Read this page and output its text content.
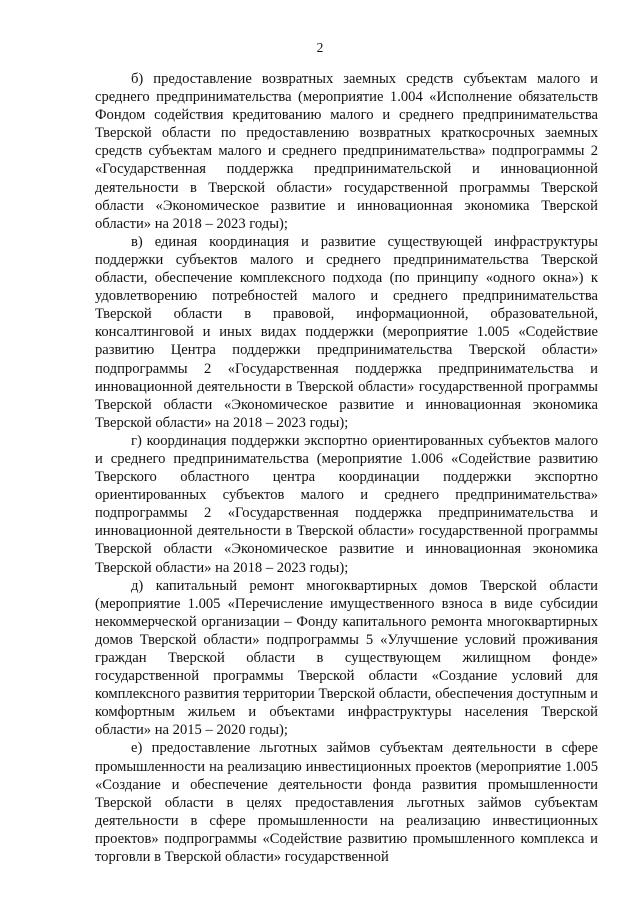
2

б) предоставление возвратных заемных средств субъектам малого и среднего предпринимательства (мероприятие 1.004 «Исполнение обязательств Фондом содействия кредитованию малого и среднего предпринимательства Тверской области по предоставлению возвратных краткосрочных заемных средств субъектам малого и среднего предпринимательства» подпрограммы 2 «Государственная поддержка предпринимательской и инновационной деятельности в Тверской области» государственной программы Тверской области «Экономическое развитие и инновационная экономика Тверской области» на 2018 – 2023 годы);

в) единая координация и развитие существующей инфраструктуры поддержки субъектов малого и среднего предпринимательства Тверской области, обеспечение комплексного подхода (по принципу «одного окна») к удовлетворению потребностей малого и среднего предпринимательства Тверской области в правовой, информационной, образовательной, консалтинговой и иных видах поддержки (мероприятие 1.005 «Содействие развитию Центра поддержки предпринимательства Тверской области» подпрограммы 2 «Государственная поддержка предпринимательства и инновационной деятельности в Тверской области» государственной программы Тверской области «Экономическое развитие и инновационная экономика Тверской области» на 2018 – 2023 годы);

г) координация поддержки экспортно ориентированных субъектов малого и среднего предпринимательства (мероприятие 1.006 «Содействие развитию Тверского областного центра координации поддержки экспортно ориентированных субъектов малого и среднего предпринимательства» подпрограммы 2 «Государственная поддержка предпринимательства и инновационной деятельности в Тверской области» государственной программы Тверской области «Экономическое развитие и инновационная экономика Тверской области» на 2018 – 2023 годы);

д) капитальный ремонт многоквартирных домов Тверской области (мероприятие 1.005 «Перечисление имущественного взноса в виде субсидии некоммерческой организации – Фонду капитального ремонта многоквартирных домов Тверской области» подпрограммы 5 «Улучшение условий проживания граждан Тверской области в существующем жилищном фонде» государственной программы Тверской области «Создание условий для комплексного развития территории Тверской области, обеспечения доступным и комфортным жильем и объектами инфраструктуры населения Тверской области» на 2015 – 2020 годы);

е) предоставление льготных займов субъектам деятельности в сфере промышленности на реализацию инвестиционных проектов (мероприятие 1.005 «Создание и обеспечение деятельности фонда развития промышленности Тверской области в целях предоставления льготных займов субъектам деятельности в сфере промышленности на реализацию инвестиционных проектов» подпрограммы «Содействие развитию промышленного комплекса и торговли в Тверской области» государственной
